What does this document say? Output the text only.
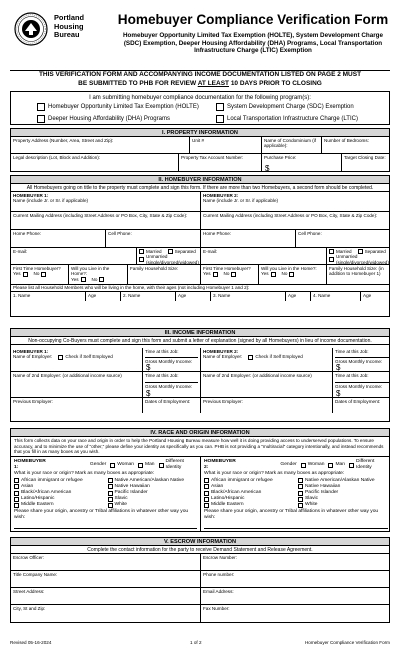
Portland
Housing
Bureau
Homebuyer Compliance Verification Form
Homebuyer Opportunity Limited Tax Exemption (HOLTE), System Development Charge (SDC) Exemption, Deeper Housing Affordability (DHA) Programs, Local Transportation Infrastructure Charge (LTIC) Exemption
THIS VERIFICATION FORM AND ACCOMPANYING INCOME DOCUMENTATION LISTED ON PAGE 2 MUST
BE SUBMITTED TO PHB FOR REVIEW AT LEAST 10 DAYS PRIOR TO CLOSING
I am submitting homebuyer compliance documentation for the following program(s):
Homebuyer Opportunity Limited Tax Exemption (HOLTE)	System Development Charge (SDC) Exemption
Deeper Housing Affordability (DHA) Programs	Local Transportation Infrastructure Charge (LTIC)
I. PROPERTY INFORMATION
Property Address (Number, Area, Street and Zip):	Unit #	Name of Condominium (if applicable):
Number of Bedrooms:
Legal description (Lot, Block and Addition):	Property Tax Account Number:	Purchase Price:
$
Target Closing Date:
II. HOMEBUYER INFORMATION
All Homebuyers going on title to the property must complete and sign this form. If there are more than two Homebuyers, a second form should be completed.
HOMEBUYER 1:
Name (include Jr. or Sr. if applicable)
HOMEBUYER 2:
Name (include Jr. or Sr. if applicable)
Current Mailing Address (including Street Address or PO Box, City, State & Zip Code):	Current Mailing Address (including Street Address or PO Box, City, State & Zip Code):
Home Phone:	Cell Phone:	Home Phone:	Cell Phone:
E-mail:	Married	Separated
Unmarried (single/divorced/widowed)
E-mail:	Married	Separated
Unmarried (single/divorced/widowed)
First Time Homebuyer?
Yes	No
Will you Live in the Home?:
Yes	No
Family Household Size:	First Time Homebuyer?
Yes	No
Will you Live in the Home?:
Yes	No
Family Household Size: (in addition to Homebuyer 1)
Please list all Household Members who will be living in the home, with their ages (not including Homebuyer 1 and 2):
1. Name	Age	2. Name	Age	3. Name	Age	4. Name	Age
III. INCOME INFORMATION
Non-occupying Co-Buyers must complete and sign this form and submit a letter of explanation (signed by all Homebuyers) in lieu of income documentation.
HOMEBUYER 1:
Name of Employer:	Check if Self Employed
Time at this Job:
Gross Monthly Income:
$
HOMEBUYER 2:
Name of Employer:	Check if Self Employed
Time at this Job:
Gross Monthly Income:
$
Name of 2nd Employer: (or additional income source)	Time at this Job:
Gross Monthly Income:
$
Name of 2nd Employer: (or additional income source)	Time at this Job:
Gross Monthly Income:
$
Previous Employer:	Dates of Employment:	Previous Employer:	Dates of Employment:
IV. RACE AND ORIGIN INFORMATION
This form collects data on your race and origin in order to help the Portland Housing Bureau measure how well it is doing providing access to underserved populations. To ensure accuracy, and to minimize the use of "other," please define your identity as specifically as you can. PHB is not providing a "multiracial" category intentionally, and instead recommends that you fill in as many boxes as you wish.
HOMEBUYER 1:
Gender Woman Man
Different Identity
What is your race or origin? Mark as many boxes as appropriate:
African immigrant or refugee	Native American/Alaskan Native
Asian	Native Hawaiian
Black/African American	Pacific Islander
Latino/Hispanic	Slavic
Middle Eastern	White
Please share your origin, ancestry or Tribal affiliations in whatever other way you wish:
HOMEBUYER 2:
Gender Woman Man
Different Identity
What is your race or origin? Mark as many boxes as appropriate:
African immigrant or refugee	Native American/Alaskan Native
Asian	Native Hawaiian
Black/African American	Pacific Islander
Latino/Hispanic	Slavic
Middle Eastern	White
Please share your origin, ancestry or Tribal affiliations in whatever other way you wish:
V. ESCROW INFORMATION
Complete the contact information for the party to receive Demand Statement and Release Agreement.
Escrow Officer:	Escrow Number:
Title Company Name:	Phone number:
Street Address:	Email Address:
City, St and Zip:	Fax Number:
Revised 05-16-2024	1 of 2	Homebuyer Compliance Verification Form
